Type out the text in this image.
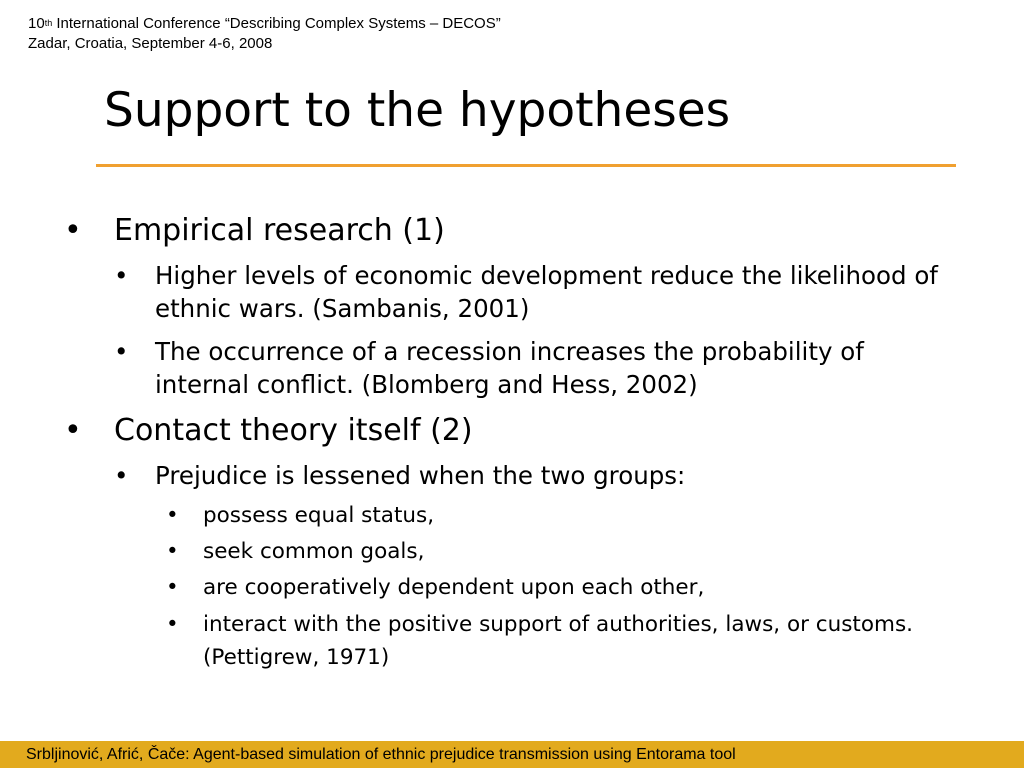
10th International Conference “Describing Complex Systems – DECOS”
Zadar, Croatia, September 4-6, 2008
Support to the hypotheses
• Empirical research (1)
• Higher levels of economic development reduce the likelihood of ethnic wars. (Sambanis, 2001)
• The occurrence of a recession increases the probability of internal conflict. (Blomberg and Hess, 2002)
• Contact theory itself (2)
• Prejudice is lessened when the two groups:
• possess equal status,
• seek common goals,
• are cooperatively dependent upon each other,
• interact with the positive support of authorities, laws, or customs. (Pettigrew, 1971)
Srbljinović, Afrić, Čače: Agent-based simulation of ethnic prejudice transmission using Entorama tool
